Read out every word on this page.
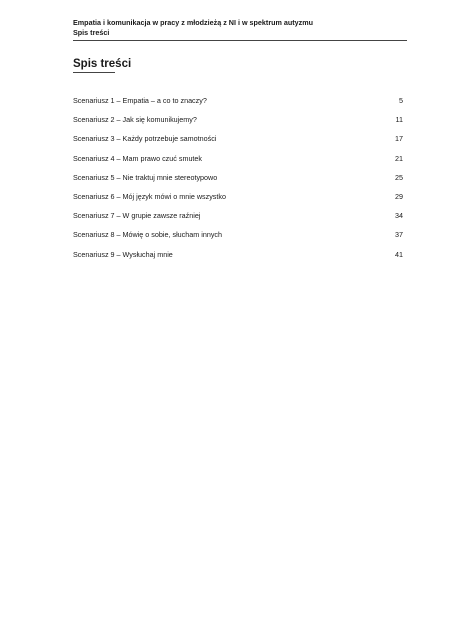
Empatia i komunikacja w pracy z młodzieżą z NI i w spektrum autyzmu
Spis treści
Spis treści
Scenariusz 1 – Empatia – a co to znaczy?	5
Scenariusz 2 – Jak się komunikujemy?	11
Scenariusz 3 – Każdy potrzebuje samotności	17
Scenariusz 4 – Mam prawo czuć smutek	21
Scenariusz 5 – Nie traktuj mnie stereotypowo	25
Scenariusz 6 – Mój język mówi o mnie wszystko	29
Scenariusz 7 – W grupie zawsze raźniej	34
Scenariusz 8 – Mówię o sobie, słucham innych	37
Scenariusz 9 – Wysłuchaj mnie	41
